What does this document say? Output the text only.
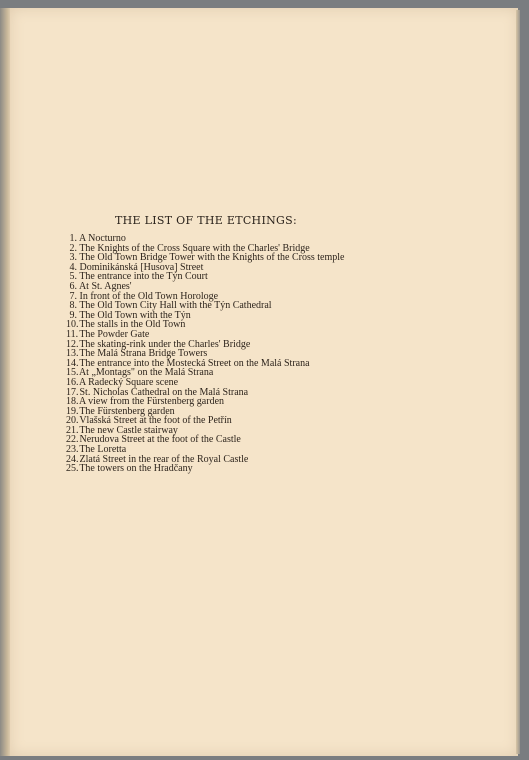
THE LIST OF THE ETCHINGS:
1. A Nocturno
2. The Knights of the Cross Square with the Charles' Bridge
3. The Old Town Bridge Tower with the Knights of the Cross temple
4. Dominikánská [Husova] Street
5. The entrance into the Týn Court
6. At St. Agnes'
7. In front of the Old Town Horologe
8. The Old Town City Hall with the Týn Cathedral
9. The Old Town with the Týn
10. The stalls in the Old Town
11. The Powder Gate
12. The skating-rink under the Charles' Bridge
13. The Malá Strana Bridge Towers
14. The entrance into the Mostecká Street on the Malá Strana
15. At „Montags" on the Malá Strana
16. A Radecký Square scene
17. St. Nicholas Cathedral on the Malá Strana
18. A view from the Fürstenberg garden
19. The Fürstenberg garden
20. Vlašská Street at the foot of the Petřín
21. The new Castle stairway
22. Nerudova Street at the foot of the Castle
23. The Loretta
24. Zlatá Street in the rear of the Royal Castle
25. The towers on the Hradčany
